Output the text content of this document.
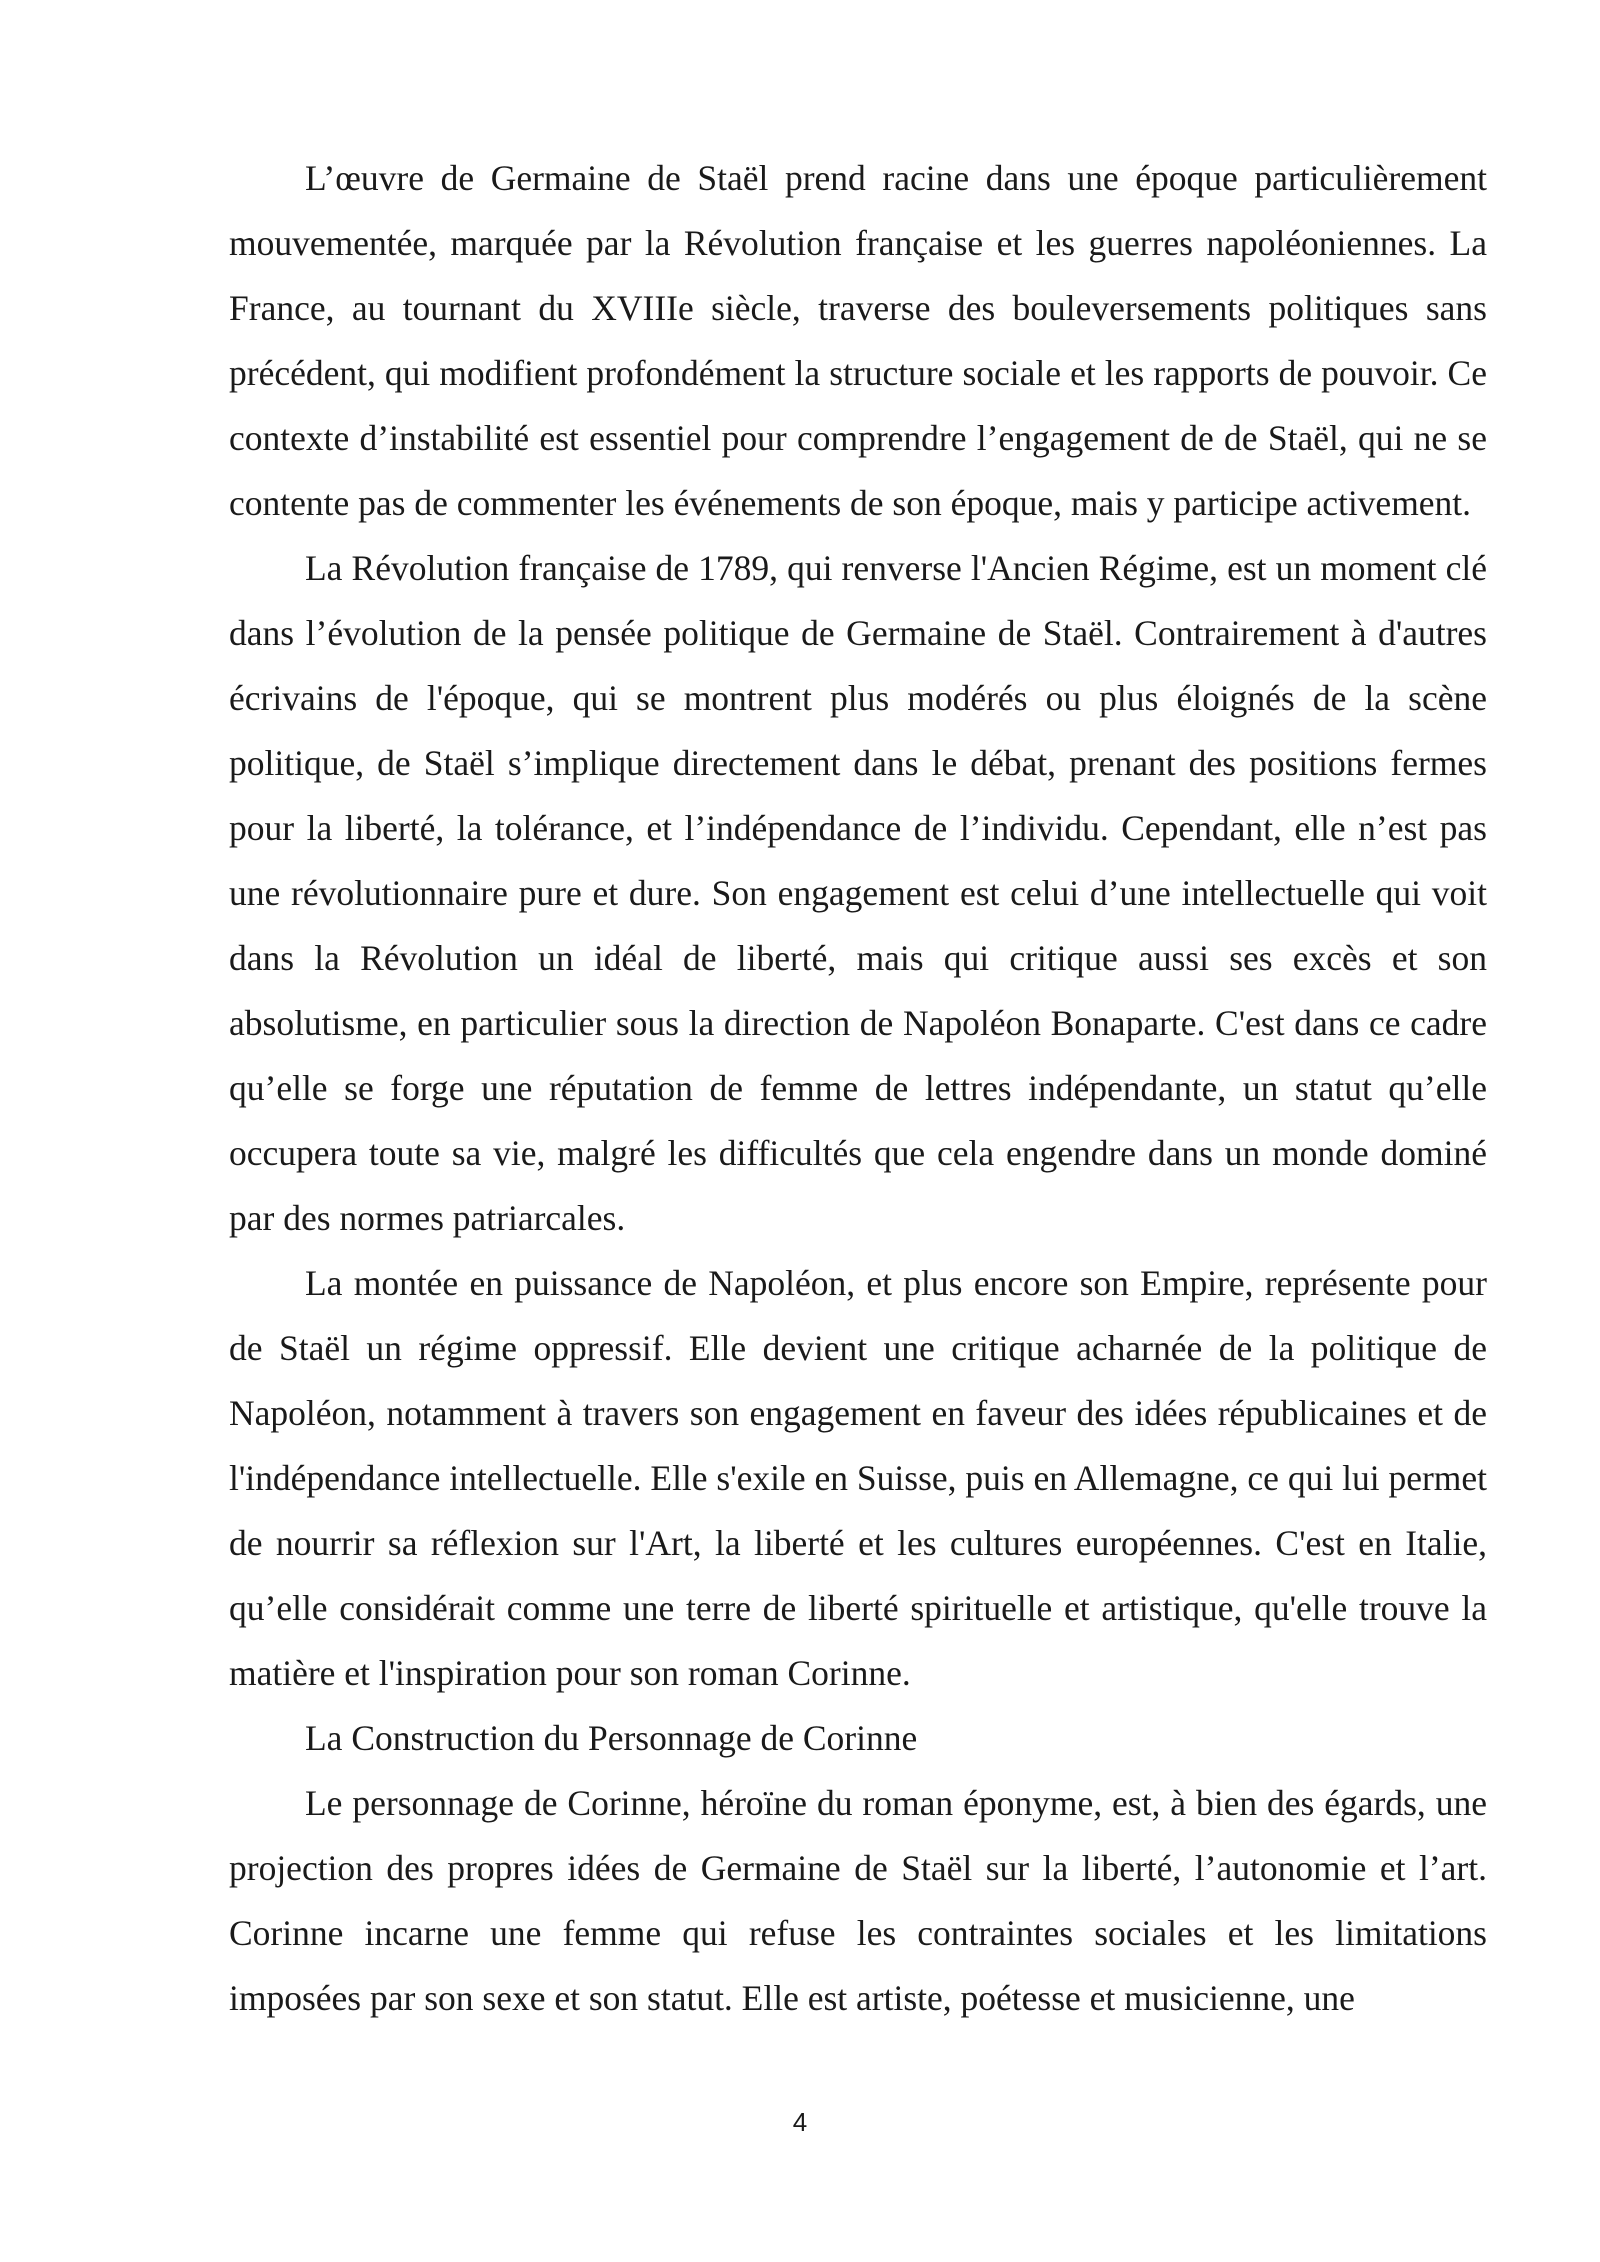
L’œuvre de Germaine de Staël prend racine dans une époque particulièrement mouvementée, marquée par la Révolution française et les guerres napoléoniennes. La France, au tournant du XVIIIe siècle, traverse des bouleversements politiques sans précédent, qui modifient profondément la structure sociale et les rapports de pouvoir. Ce contexte d’instabilité est essentiel pour comprendre l’engagement de de Staël, qui ne se contente pas de commenter les événements de son époque, mais y participe activement.

La Révolution française de 1789, qui renverse l'Ancien Régime, est un moment clé dans l’évolution de la pensée politique de Germaine de Staël. Contrairement à d'autres écrivains de l'époque, qui se montrent plus modérés ou plus éloignés de la scène politique, de Staël s’implique directement dans le débat, prenant des positions fermes pour la liberté, la tolérance, et l’indépendance de l’individu. Cependant, elle n’est pas une révolutionnaire pure et dure. Son engagement est celui d’une intellectuelle qui voit dans la Révolution un idéal de liberté, mais qui critique aussi ses excès et son absolutisme, en particulier sous la direction de Napoléon Bonaparte. C'est dans ce cadre qu’elle se forge une réputation de femme de lettres indépendante, un statut qu’elle occupera toute sa vie, malgré les difficultés que cela engendre dans un monde dominé par des normes patriarcales.

La montée en puissance de Napoléon, et plus encore son Empire, représente pour de Staël un régime oppressif. Elle devient une critique acharnée de la politique de Napoléon, notamment à travers son engagement en faveur des idées républicaines et de l'indépendance intellectuelle. Elle s'exile en Suisse, puis en Allemagne, ce qui lui permet de nourrir sa réflexion sur l'Art, la liberté et les cultures européennes. C'est en Italie, qu’elle considérait comme une terre de liberté spirituelle et artistique, qu'elle trouve la matière et l'inspiration pour son roman Corinne.

La Construction du Personnage de Corinne

Le personnage de Corinne, héroïne du roman éponyme, est, à bien des égards, une projection des propres idées de Germaine de Staël sur la liberté, l’autonomie et l’art. Corinne incarne une femme qui refuse les contraintes sociales et les limitations imposées par son sexe et son statut. Elle est artiste, poétesse et musicienne, une

4
